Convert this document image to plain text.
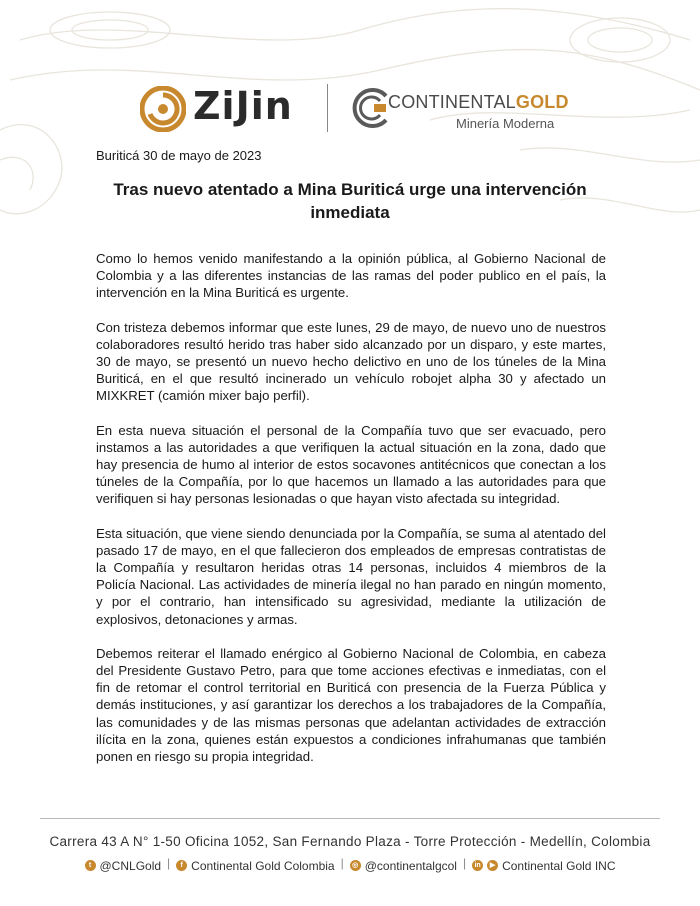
ZiJin	CONTINENTALGOLD
Minería Moderna
Buriticá 30 de mayo de 2023
Tras nuevo atentado a Mina Buriticá urge una intervención inmediata

Como lo hemos venido manifestando a la opinión pública, al Gobierno Nacional de Colombia y a las diferentes instancias de las ramas del poder publico en el país, la intervención en la Mina Buriticá es urgente.

Con tristeza debemos informar que este lunes, 29 de mayo, de nuevo uno de nuestros colaboradores resultó herido tras haber sido alcanzado por un disparo, y este martes, 30 de mayo, se presentó un nuevo hecho delictivo en uno de los túneles de la Mina Buriticá, en el que resultó incinerado un vehículo robojet alpha 30 y afectado un MIXKRET (camión mixer bajo perfil).

En esta nueva situación el personal de la Compañía tuvo que ser evacuado, pero instamos a las autoridades a que verifiquen la actual situación en la zona, dado que hay presencia de humo al interior de estos socavones antitécnicos que conectan a los túneles de la Compañía, por lo que hacemos un llamado a las autoridades para que verifiquen si hay personas lesionadas o que hayan visto afectada su integridad.

Esta situación, que viene siendo denunciada por la Compañía, se suma al atentado del pasado 17 de mayo, en el que fallecieron dos empleados de empresas contratistas de la Compañía y resultaron heridas otras 14 personas, incluidos 4 miembros de la Policía Nacional. Las actividades de minería ilegal no han parado en ningún momento, y por el contrario, han intensificado su agresividad, mediante la utilización de explosivos, detonaciones y armas.

Debemos reiterar el llamado enérgico al Gobierno Nacional de Colombia, en cabeza del Presidente Gustavo Petro, para que tome acciones efectivas e inmediatas, con el fin de retomar el control territorial en Buriticá con presencia de la Fuerza Pública y demás instituciones, y así garantizar los derechos a los trabajadores de la Compañía, las comunidades y de las mismas personas que adelantan actividades de extracción ilícita en la zona, quienes están expuestos a condiciones infrahumanas que también ponen en riesgo su propia integridad.

Carrera 43 A N° 1-50 Oficina 1052, San Fernando Plaza - Torre Protección - Medellín, Colombia
t @CNLGold |	f Continental Gold Colombia |	◎ @continentalgcol |	in	▶ Continental Gold INC
